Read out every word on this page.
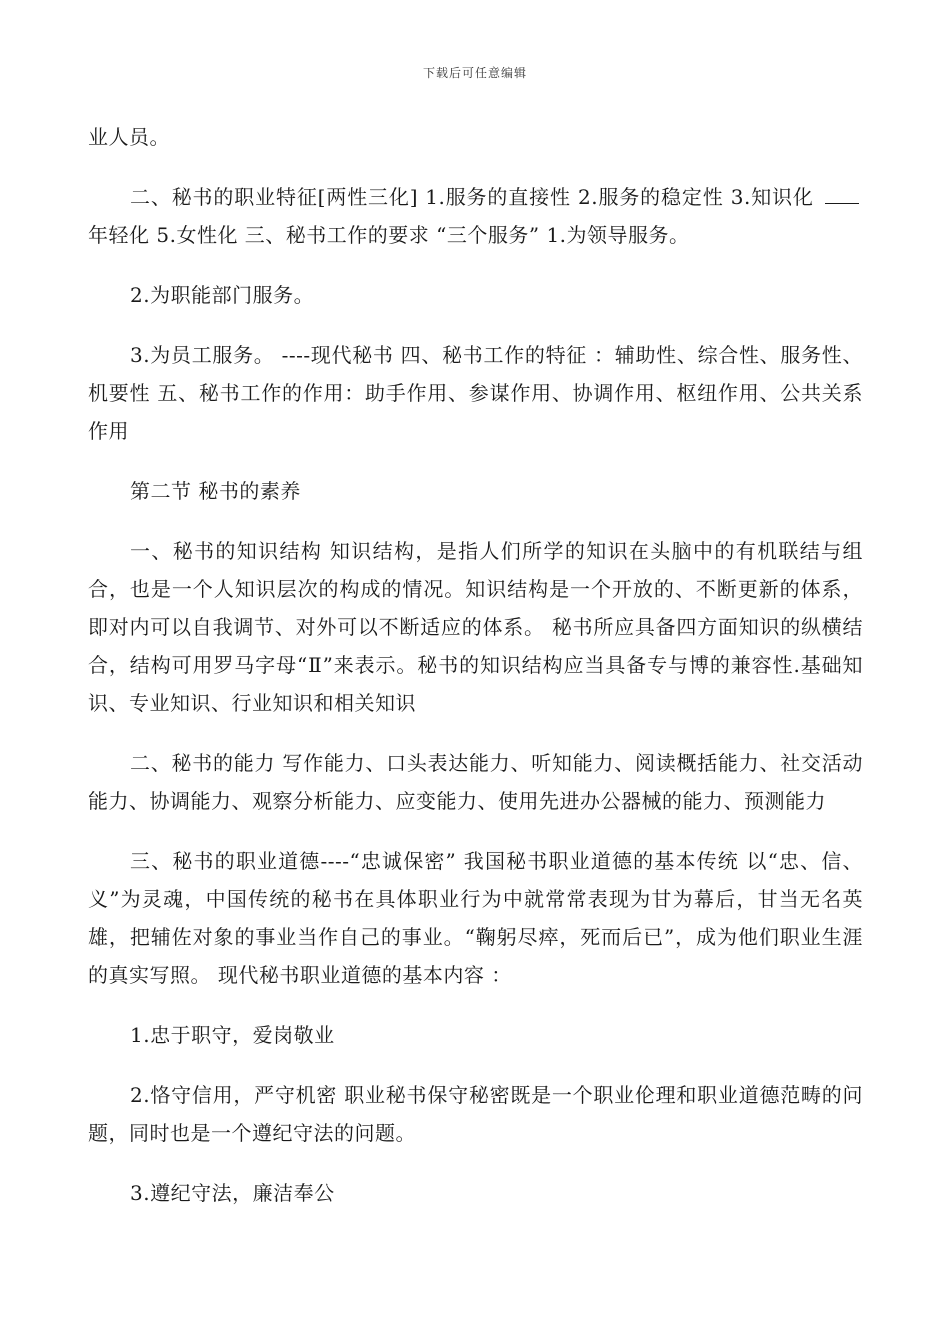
下载后可任意编辑

业人员。

二、秘书的职业特征[两性三化] 1.服务的直接性 2.服务的稳定性 3.知识化 年轻化 5.女性化 三、秘书工作的要求 “三个服务” 1.为领导服务。

2.为职能部门服务。

3.为员工服务。 ----现代秘书 四、秘书工作的特征 ：辅助性、综合性、服务性、机要性 五、秘书工作的作用：助手作用、参谋作用、协调作用、枢纽作用、公共关系作用

第二节 秘书的素养

一、秘书的知识结构 知识结构，是指人们所学的知识在头脑中的有机联结与组合，也是一个人知识层次的构成的情况。知识结构是一个开放的、不断更新的体系，即对内可以自我调节、对外可以不断适应的体系。 秘书所应具备四方面知识的纵横结合，结构可用罗马字母“Ⅱ”来表示。秘书的知识结构应当具备专与博的兼容性.基础知识、专业知识、行业知识和相关知识

二、秘书的能力 写作能力、口头表达能力、听知能力、阅读概括能力、社交活动能力、协调能力、观察分析能力、应变能力、使用先进办公器械的能力、预测能力

三、秘书的职业道德----“忠诚保密” 我国秘书职业道德的基本传统 以“忠、信、义”为灵魂，中国传统的秘书在具体职业行为中就常常表现为甘为幕后，甘当无名英雄，把辅佐对象的事业当作自己的事业。“鞠躬尽瘁，死而后已”，成为他们职业生涯的真实写照。 现代秘书职业道德的基本内容 ：

1.忠于职守，爱岗敬业

2.恪守信用，严守机密 职业秘书保守秘密既是一个职业伦理和职业道德范畴的问题，同时也是一个遵纪守法的问题。

3.遵纪守法，廉洁奉公
